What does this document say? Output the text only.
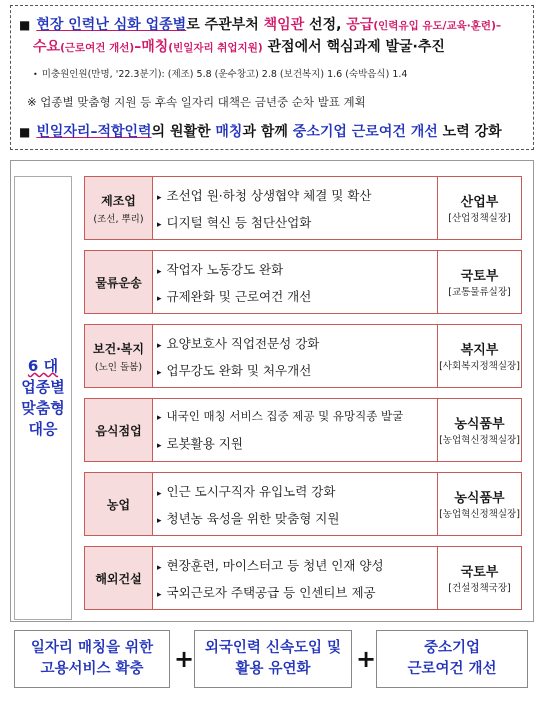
■ 현장 인력난 심화 업종별로 주관부처 책임관 선정, 공급(인력유입 유도/교육·훈련)–
수요(근로여건 개선)–매칭(빈일자리 취업지원) 관점에서 핵심과제 발굴·추진
• 미충원인원(만명, '22.3분기): (제조) 5.8 (운수창고) 2.8 (보건복지) 1.6 (숙박음식) 1.4
※ 업종별 맞춤형 지원 등 후속 일자리 대책은 금년중 순차 발표 계획
■ 빈일자리–적합인력의 원활한 매칭과 함께 중소기업 근로여건 개선 노력 강화
6 대
업종별
맞춤형
대응
제조업
(조선, 뿌리)
▸ 조선업 원·하청 상생협약 체결 및 확산
▸ 디지털 혁신 등 첨단산업화
산업부
[산업정책실장]
물류운송
▸ 작업자 노동강도 완화
▸ 규제완화 및 근로여건 개선
국토부
[교통물류실장]
보건·복지
(노인 돌봄)
▸ 요양보호사 직업전문성 강화
▸ 업무강도 완화 및 처우개선
복지부
[사회복지정책실장]
음식점업
▸ 내국인 매칭 서비스 집중 제공 및 유망직종 발굴
▸ 로봇활용 지원
농식품부
[농업혁신정책실장]
농업
▸ 인근 도시구직자 유입노력 강화
▸ 청년농 육성을 위한 맞춤형 지원
농식품부
[농업혁신정책실장]
해외건설
▸ 현장훈련, 마이스터고 등 청년 인재 양성
▸ 국외근로자 주택공급 등 인센티브 제공
국토부
[건설정책국장]
일자리 매칭을 위한
고용서비스 확충 + 외국인력 신속도입 및
활용 유연화 +	중소기업
근로여건 개선
